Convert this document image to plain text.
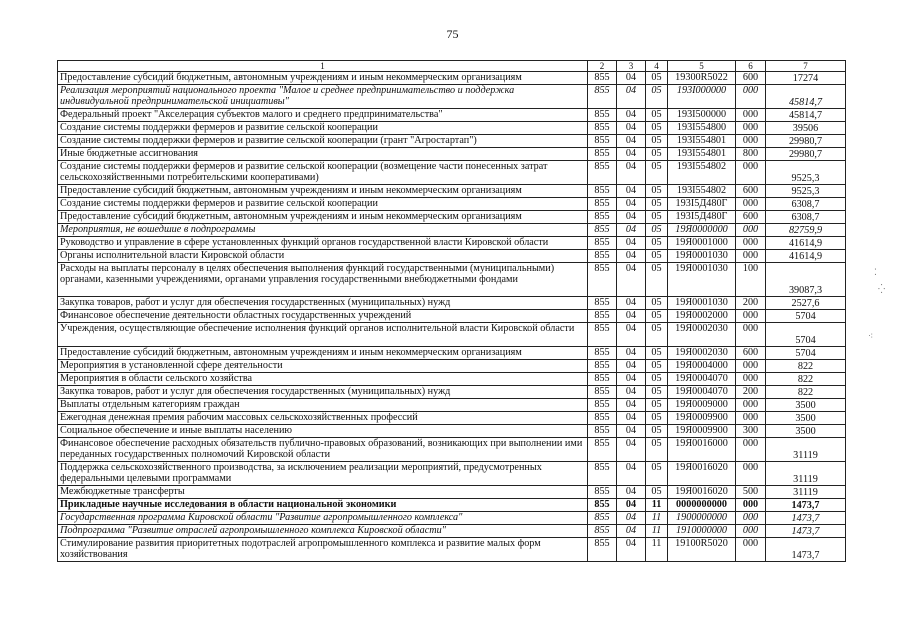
75
1	2	3	4	5	6	7
Предоставление субсидий бюджетным, автономным учреждениям и иным некоммерческим организациям	855	04	05	19300R5022	600	17274
Реализация мероприятий национального проекта "Малое и среднее предпринимательство и поддержка индивидуальной предпринимательской инициативы"	855	04	05	193I000000	000	45814,7
Федеральный проект "Акселерация субъектов малого и среднего предпринимательства"	855	04	05	193I500000	000	45814,7
Создание системы поддержки фермеров и развитие сельской кооперации	855	04	05	193I554800	000	39506
Создание системы поддержки фермеров и развитие сельской кооперации (грант "Агростартап")	855	04	05	193I554801	000	29980,7
Иные бюджетные ассигнования	855	04	05	193I554801	800	29980,7
Создание системы поддержки фермеров и развитие сельской кооперации (возмещение части понесенных затрат сельскохозяйственными потребительскими кооперативами)	855	04	05	193I554802	000	9525,3
Предоставление субсидий бюджетным, автономным учреждениям и иным некоммерческим организациям	855	04	05	193I554802	600	9525,3
Создание системы поддержки фермеров и развитие сельской кооперации	855	04	05	193I5Д480Г	000	6308,7
Предоставление субсидий бюджетным, автономным учреждениям и иным некоммерческим организациям	855	04	05	193I5Д480Г	600	6308,7
Мероприятия, не вошедшие в подпрограммы	855	04	05	19Я0000000	000	82759,9
Руководство и управление в сфере установленных функций органов государственной власти Кировской области	855	04	05	19Я0001000	000	41614,9
Органы исполнительной власти Кировской области	855	04	05	19Я0001030	000	41614,9
Расходы на выплаты персоналу в целях обеспечения выполнения функций государственными (муниципальными) органами, казенными учреждениями, органами управления государственными внебюджетными фондами	855	04	05	19Я0001030	100	39087,3
Закупка товаров, работ и услуг для обеспечения государственных (муниципальных) нужд	855	04	05	19Я0001030	200	2527,6
Финансовое обеспечение деятельности областных государственных учреждений	855	04	05	19Я0002000	000	5704
Учреждения, осуществляющие обеспечение исполнения функций органов исполнительной власти Кировской области	855	04	05	19Я0002030	000	5704
Предоставление субсидий бюджетным, автономным учреждениям и иным некоммерческим организациям	855	04	05	19Я0002030	600	5704
Мероприятия в установленной сфере деятельности	855	04	05	19Я0004000	000	822
Мероприятия в области сельского хозяйства	855	04	05	19Я0004070	000	822
Закупка товаров, работ и услуг для обеспечения государственных (муниципальных) нужд	855	04	05	19Я0004070	200	822
Выплаты отдельным категориям граждан	855	04	05	19Я0009000	000	3500
Ежегодная денежная премия рабочим массовых сельскохозяйственных профессий	855	04	05	19Я0009900	000	3500
Социальное обеспечение и иные выплаты населению	855	04	05	19Я0009900	300	3500
Финансовое обеспечение расходных обязательств публично-правовых образований, возникающих при выполнении ими переданных государственных полномочий Кировской области	855	04	05	19Я0016000	000	31119
Поддержка сельскохозяйственного производства, за исключением реализации мероприятий, предусмотренных федеральными целевыми программами	855	04	05	19Я0016020	000	31119
Межбюджетные трансферты	855	04	05	19Я0016020	500	31119
Прикладные научные исследования в области национальной экономики	855	04	11	0000000000	000	1473,7
Государственная программа Кировской области "Развитие агропромышленного комплекса"	855	04	11	1900000000	000	1473,7
Подпрограмма "Развитие отраслей агропромышленного комплекса Кировской области"	855	04	11	1910000000	000	1473,7
Стимулирование развития приоритетных подотраслей агропромышленного комплекса и развитие малых форм хозяйствования	855	04	11	19100R5020	000	1473,7
⁚
⁛
⁖
